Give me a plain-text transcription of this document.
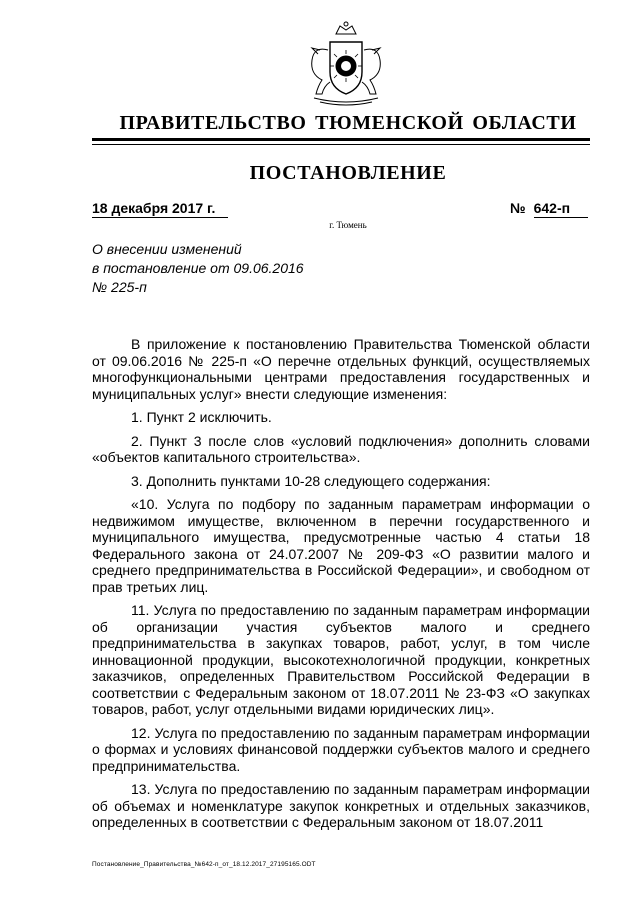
ПРАВИТЕЛЬСТВО ТЮМЕНСКОЙ ОБЛАСТИ
ПОСТАНОВЛЕНИЕ
18 декабря 2017 г.	№ 642-п
г. Тюмень
О внесении изменений
в постановление от 09.06.2016
№ 225-п

В приложение к постановлению Правительства Тюменской области от 09.06.2016 № 225-п «О перечне отдельных функций, осуществляемых многофункциональными центрами предоставления государственных и муниципальных услуг» внести следующие изменения:

1. Пункт 2 исключить.

2. Пункт 3 после слов «условий подключения» дополнить словами «объектов капитального строительства».

3. Дополнить пунктами 10-28 следующего содержания:

«10. Услуга по подбору по заданным параметрам информации о недвижимом имуществе, включенном в перечни государственного и муниципального имущества, предусмотренные частью 4 статьи 18 Федерального закона от 24.07.2007 № 209-ФЗ «О развитии малого и среднего предпринимательства в Российской Федерации», и свободном от прав третьих лиц.

11. Услуга по предоставлению по заданным параметрам информации об организации участия субъектов малого и среднего предпринимательства в закупках товаров, работ, услуг, в том числе инновационной продукции, высокотехнологичной продукции, конкретных заказчиков, определенных Правительством Российской Федерации в соответствии с Федеральным законом от 18.07.2011 № 23-ФЗ «О закупках товаров, работ, услуг отдельными видами юридических лиц».

12. Услуга по предоставлению по заданным параметрам информации о формах и условиях финансовой поддержки субъектов малого и среднего предпринимательства.

13. Услуга по предоставлению по заданным параметрам информации об объемах и номенклатуре закупок конкретных и отдельных заказчиков, определенных в соответствии с Федеральным законом от 18.07.2011

Постановление_Правительства_№642-п_от_18.12.2017_27195165.ODT
